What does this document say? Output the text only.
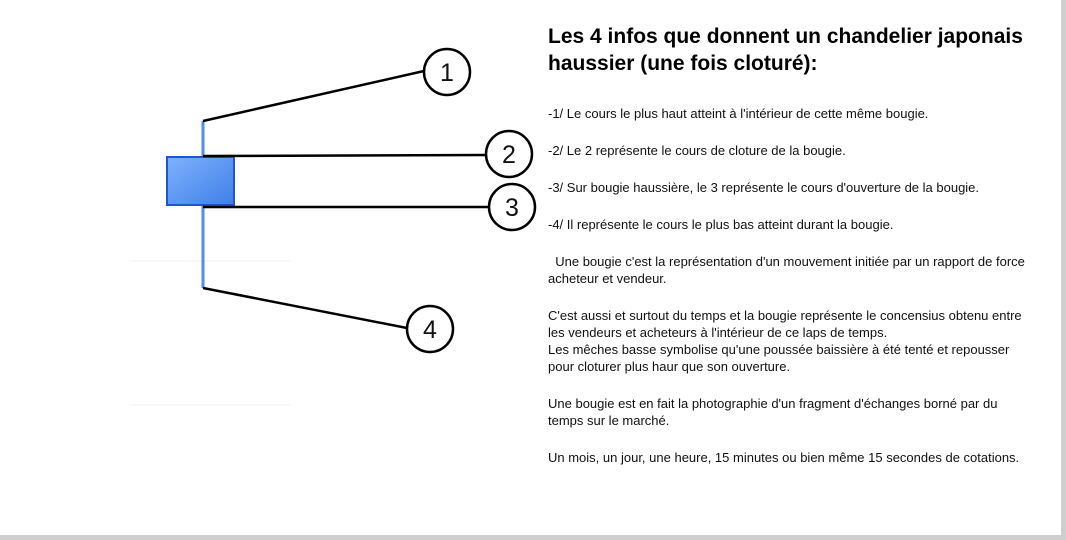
1
2
3
4
Les 4 infos que donnent un chandelier japonais haussier (une fois cloturé):

-1/ Le cours le plus haut atteint à l'intérieur de cette même bougie.

-2/ Le 2 représente le cours de cloture de la bougie.

-3/ Sur bougie haussière, le 3 représente le cours d'ouverture de la bougie.

-4/ Il représente le cours le plus bas atteint durant la bougie.

Une bougie c'est la représentation d'un mouvement initiée par un rapport de force acheteur et vendeur.

C'est aussi et surtout du temps et la bougie représente le concensius obtenu entre les vendeurs et acheteurs à l'intérieur de ce laps de temps.
Les mêches basse symbolise qu'une poussée baissière à été tenté et repousser pour cloturer plus haur que son ouverture.

Une bougie est en fait la photographie d'un fragment d'échanges borné par du temps sur le marché.

Un mois, un jour, une heure, 15 minutes ou bien même 15 secondes de cotations.
